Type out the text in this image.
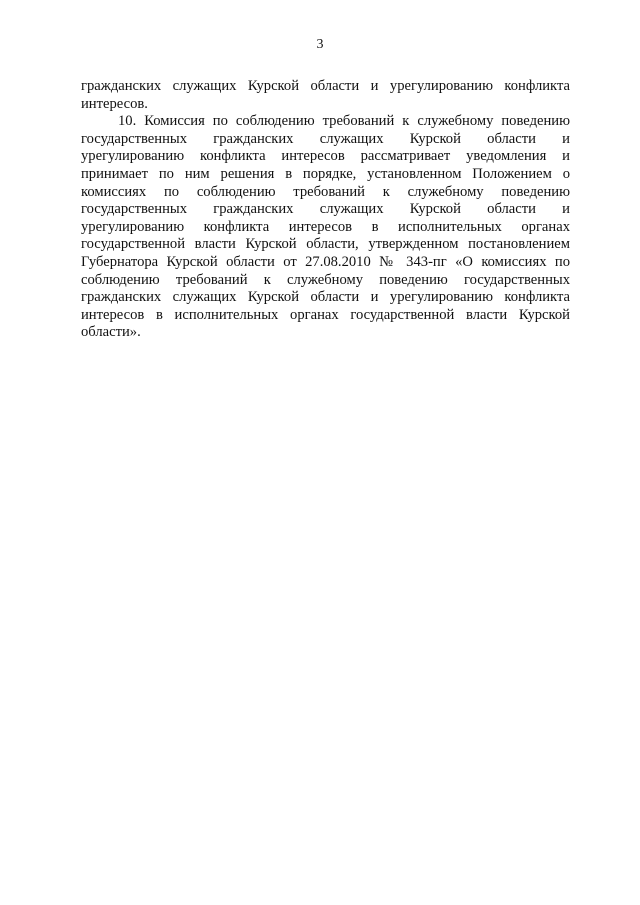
3
гражданских служащих Курской области и урегулированию конфликта
интересов.
10. Комиссия по соблюдению требований к служебному поведению
государственных гражданских служащих Курской области и
урегулированию конфликта интересов рассматривает уведомления и
принимает по ним решения в порядке, установленном Положением о
комиссиях по соблюдению требований к служебному поведению
государственных гражданских служащих Курской области и
урегулированию конфликта интересов в исполнительных органах
государственной власти Курской области, утвержденном постановлением
Губернатора Курской области от 27.08.2010 № 343-пг «О комиссиях по
соблюдению требований к служебному поведению государственных
гражданских служащих Курской области и урегулированию конфликта
интересов в исполнительных органах государственной власти Курской
области».
